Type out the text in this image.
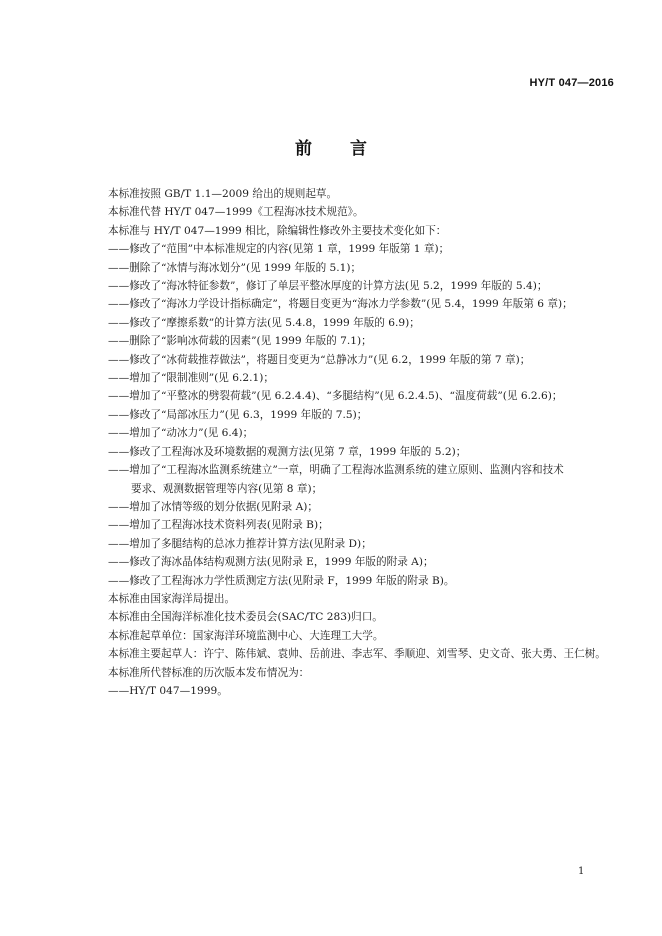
HY/T 047—2016
前言
本标准按照 GB/T 1.1—2009 给出的规则起草。
本标准代替 HY/T 047—1999《工程海冰技术规范》。
本标准与 HY/T 047—1999 相比，除编辑性修改外主要技术变化如下：
——修改了“范围”中本标准规定的内容(见第 1 章，1999 年版第 1 章)；
——删除了“冰情与海冰划分”(见 1999 年版的 5.1)；
——修改了“海冰特征参数”，修订了单层平整冰厚度的计算方法(见 5.2，1999 年版的 5.4)；
——修改了“海冰力学设计指标确定”，将题目变更为“海冰力学参数”(见 5.4，1999 年版第 6 章)；
——修改了“摩擦系数”的计算方法(见 5.4.8，1999 年版的 6.9)；
——删除了“影响冰荷载的因素”(见 1999 年版的 7.1)；
——修改了“冰荷载推荐做法”，将题目变更为“总静冰力”(见 6.2，1999 年版的第 7 章)；
——增加了“限制准则”(见 6.2.1)；
——增加了“平整冰的劈裂荷载”(见 6.2.4.4)、“多腿结构”(见 6.2.4.5)、“温度荷载”(见 6.2.6)；
——修改了“局部冰压力”(见 6.3，1999 年版的 7.5)；
——增加了“动冰力”(见 6.4)；
——修改了工程海冰及环境数据的观测方法(见第 7 章，1999 年版的 5.2)；
——增加了“工程海冰监测系统建立”一章，明确了工程海冰监测系统的建立原则、监测内容和技术
要求、观测数据管理等内容(见第 8 章)；
——增加了冰情等级的划分依据(见附录 A)；
——增加了工程海冰技术资料列表(见附录 B)；
——增加了多腿结构的总冰力推荐计算方法(见附录 D)；
——修改了海冰晶体结构观测方法(见附录 E，1999 年版的附录 A)；
——修改了工程海冰力学性质测定方法(见附录 F，1999 年版的附录 B)。
本标准由国家海洋局提出。
本标准由全国海洋标准化技术委员会(SAC/TC 283)归口。
本标准起草单位：国家海洋环境监测中心、大连理工大学。
本标准主要起草人：许宁、陈伟斌、袁帅、岳前进、李志军、季顺迎、刘雪琴、史文奇、张大勇、王仁树。
本标准所代替标准的历次版本发布情况为：
——HY/T 047—1999。
1
